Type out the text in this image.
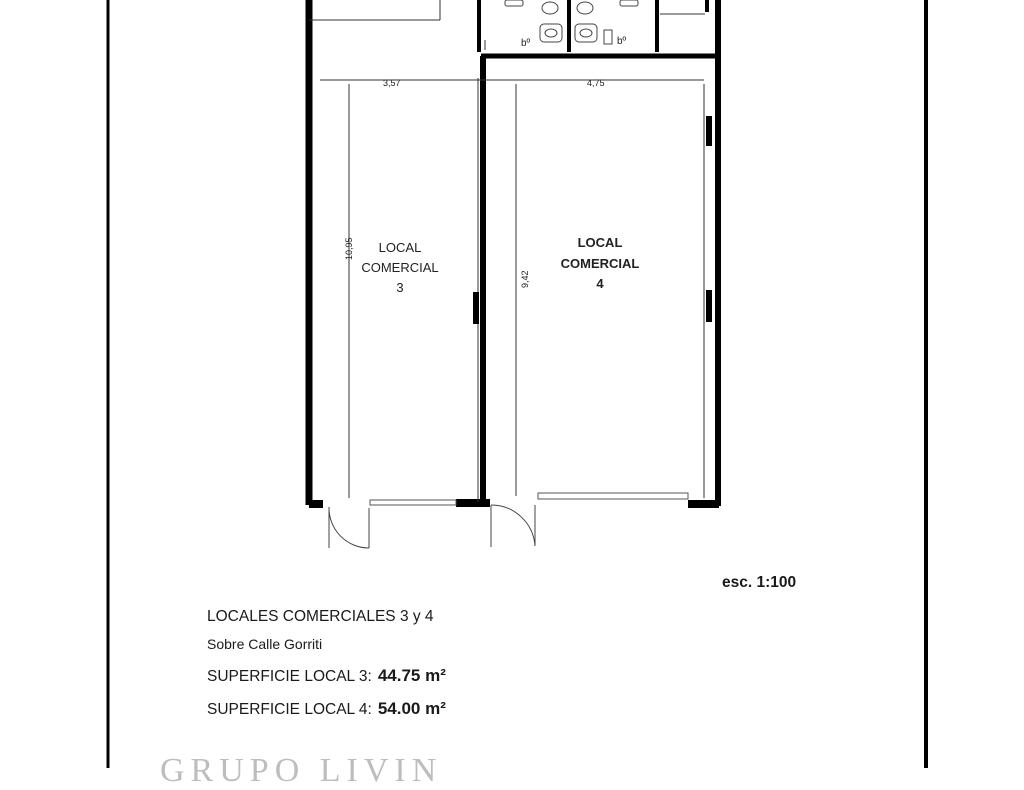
bº	bº
3,57	4,75
10,95
9,42
LOCAL
COMERCIAL
3
LOCAL
COMERCIAL
4
esc. 1:100
LOCALES COMERCIALES 3 y 4
Sobre Calle Gorriti
SUPERFICIE LOCAL 3: 44.75 m²
SUPERFICIE LOCAL 4: 54.00 m²
GRUPO LIVIN
